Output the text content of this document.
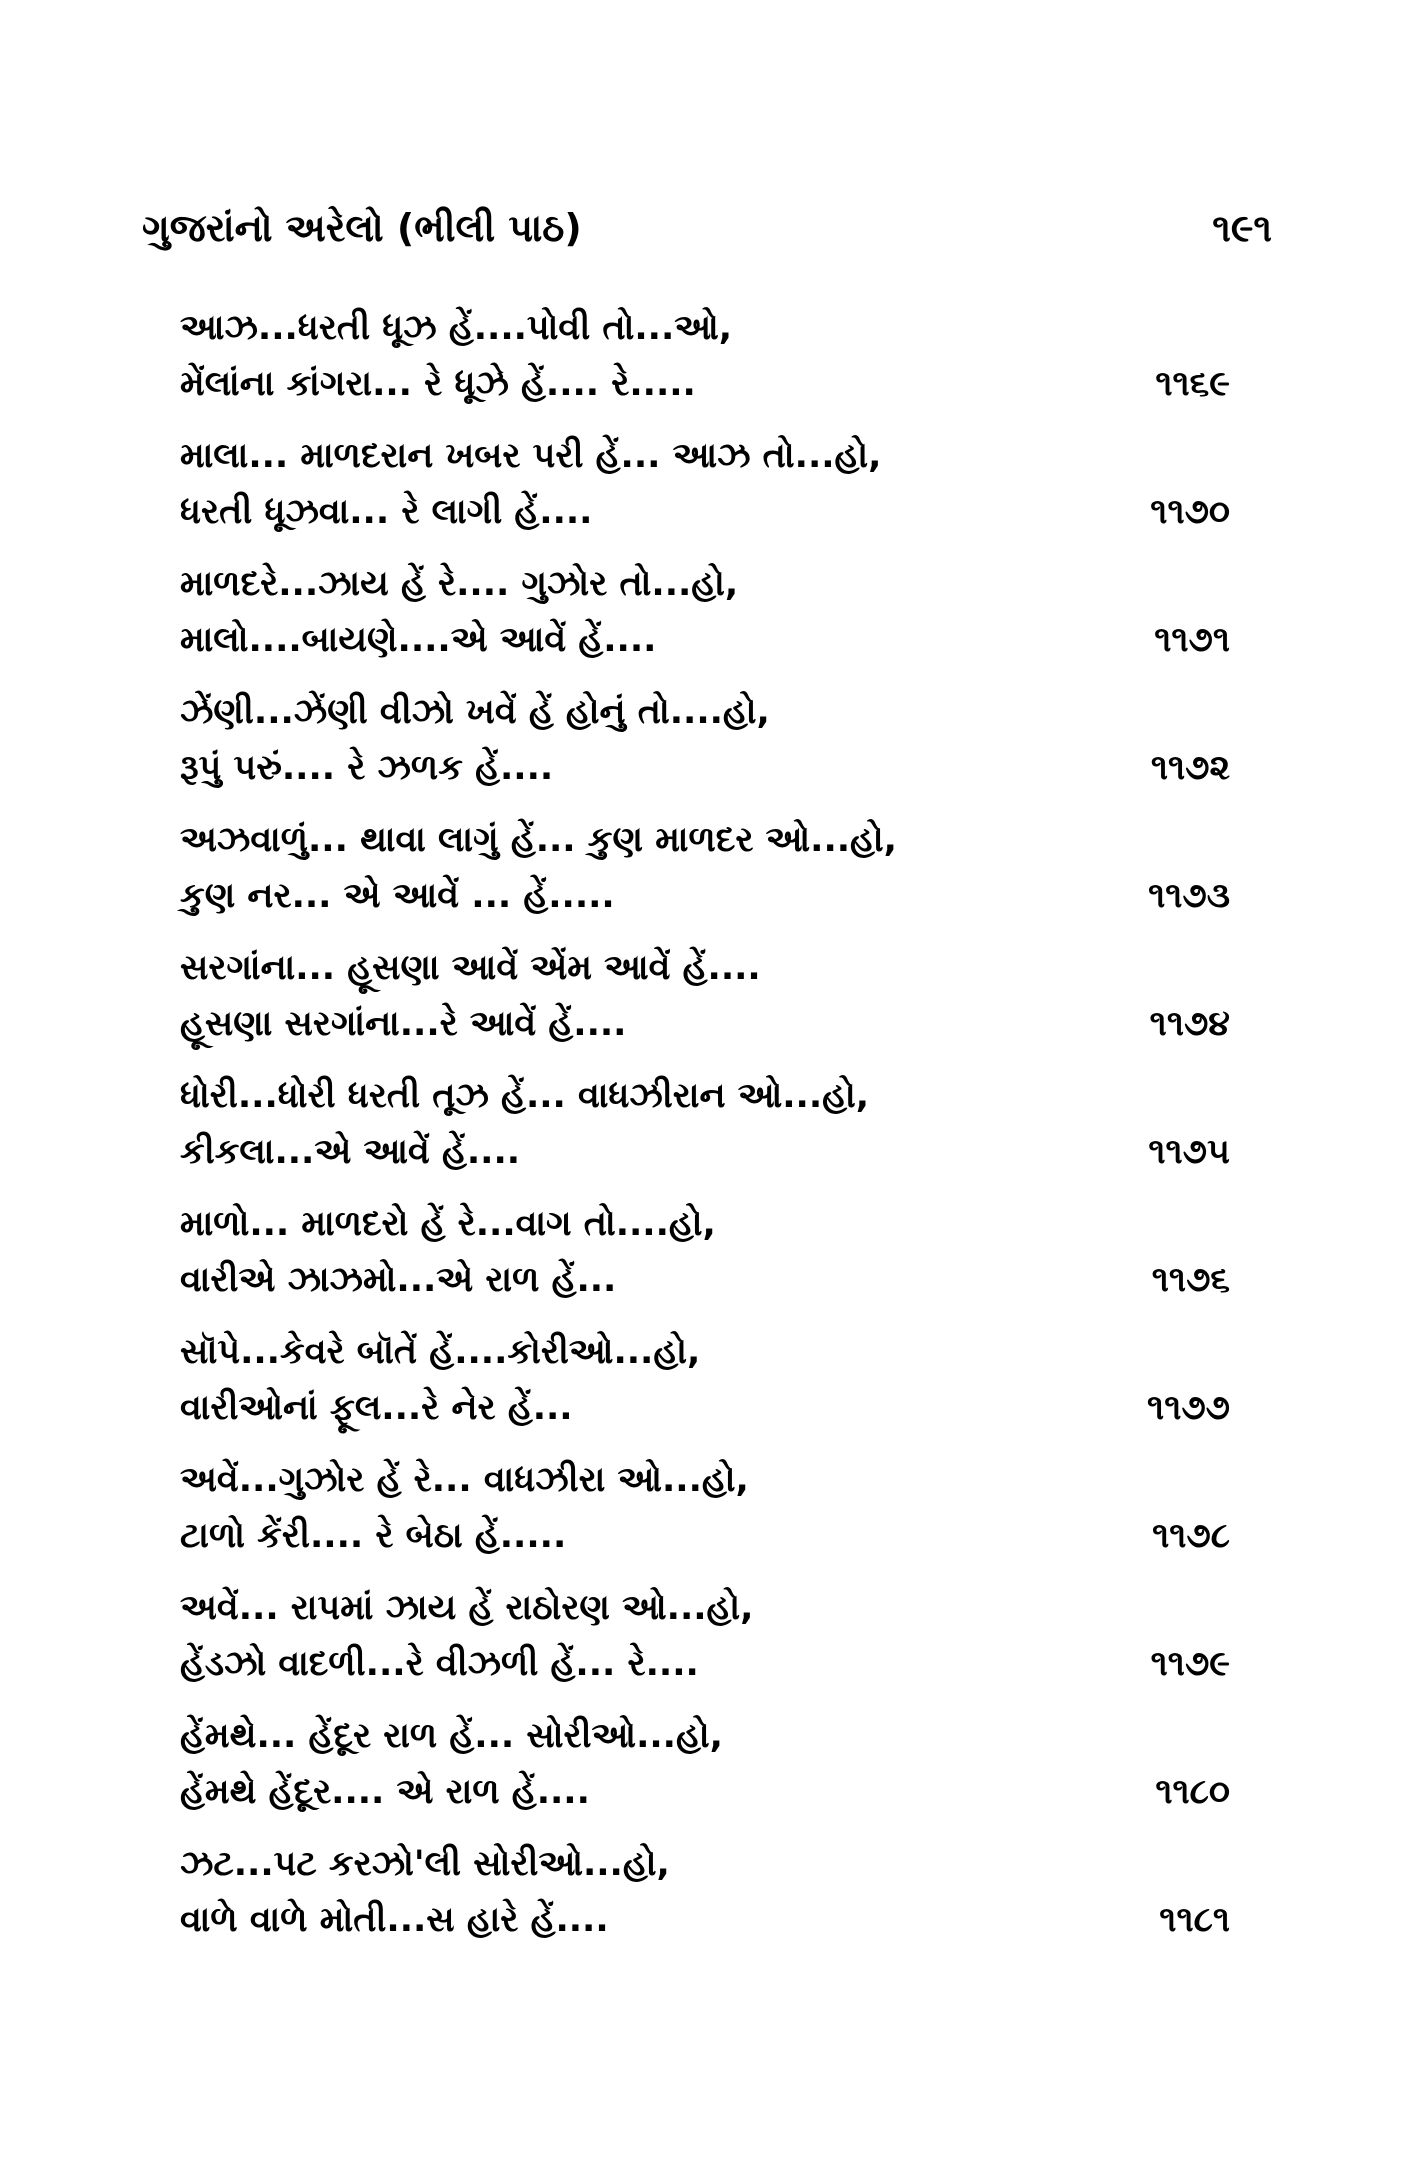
ગુજરાંનો અરેલો (ભીલી પાઠ)	૧૯૧
આઝ...ધરતી ધૂઝ હેં....પોવી તો...ઓ,
મેંલાંના કાંગરા... રે ધૂઝે હેં.... રે.....	૧૧૬૯
માલા... માળદરાન ખબર પરી હેં... આઝ તો...હો,
ધરતી ધૂઝવા... રે લાગી હેં....	૧૧૭૦
માળદરે...ઝાય હેં રે.... ગુઝોર તો...હો,
માલો....બાયણે....એ આવેં હેં....	૧૧૭૧
ઝેંણી...ઝેંણી વીઝો ખવેં હેં હોનું તો....હો,
રૂપું પરું.... રે ઝળક હેં....	૧૧૭૨
અઝવાળું... થાવા લાગું હેં... કુણ માળદર ઓ...હો,
કુણ નર... એ આવેં ... હેં.....	૧૧૭૩
સરગાંના... હૂસણા આવેં એંમ આવેં હેં....
હૂસણા સરગાંના...રે આવેં હેં....	૧૧૭૪
ધોરી...ધોરી ધરતી તૂઝ હેં... વાધઝીરાન ઓ...હો,
કીકલા...એ આવેં હેં....	૧૧૭૫
માળો... માળદરો હેં રે...વાગ તો....હો,
વારીએ ઝાઝમો...એ રાળ હેં...	૧૧૭૬
સૉપે...કેવરે બૉતેં હેં....કોરીઓ...હો,
વારીઓનાં ફૂલ...રે નેર હેં...	૧૧૭૭
અવેં...ગુઝોર હેં રે... વાધઝીરા ઓ...હો,
ટાળો કેંરી.... રે બેઠા હેં.....	૧૧૭૮
અવેં... રાપમાં ઝાય હેં રાઠોરણ ઓ...હો,
હેંડઝો વાદળી...રે વીઝળી હેં... રે....	૧૧૭૯
હેંમથે... હેંદૂર રાળ હેં... સોરીઓ...હો,
હેંમથે હેંદૂર.... એ રાળ હેં....	૧૧૮૦
ઝટ...પટ કરઝો'લી સોરીઓ...હો,
વાળે વાળે મોતી...સ હારે હેં....	૧૧૮૧
